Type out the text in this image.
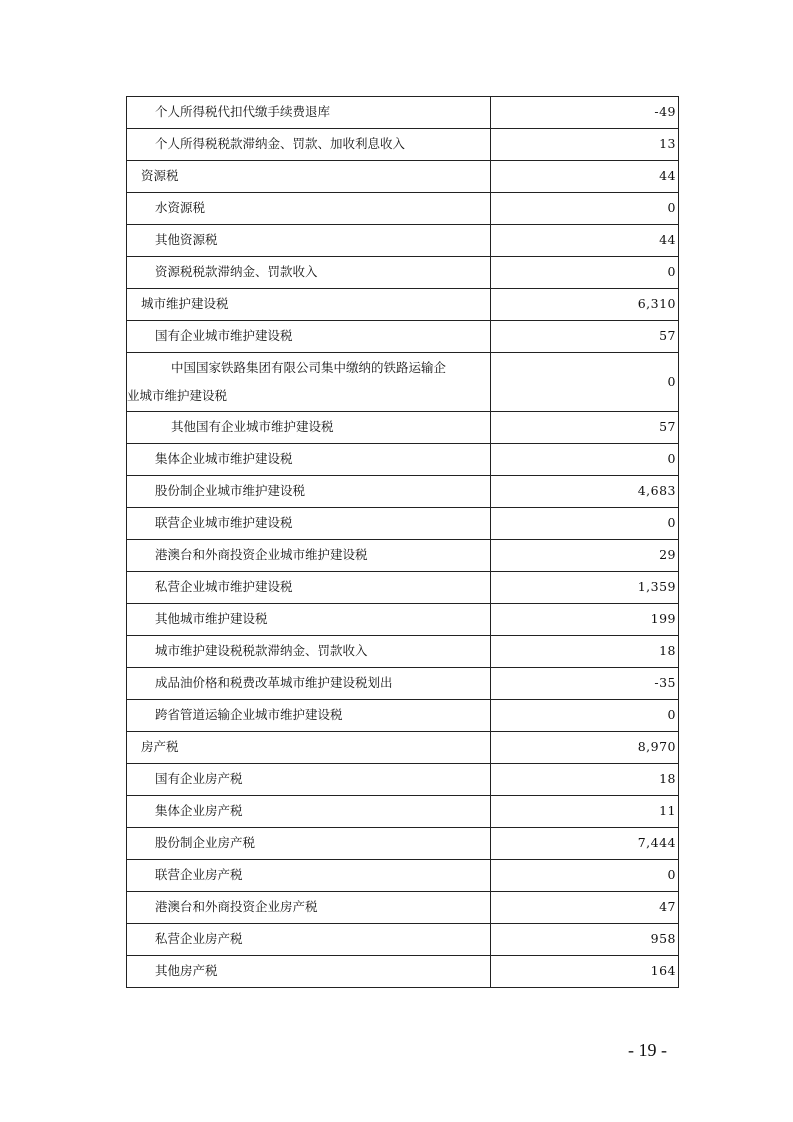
个人所得税代扣代缴手续费退库	-49
个人所得税税款滞纳金、罚款、加收利息收入	13
资源税	44
水资源税	0
其他资源税	44
资源税税款滞纳金、罚款收入	0
城市维护建设税	6,310
国有企业城市维护建设税	57

中国国家铁路集团有限公司集中缴纳的铁路运输企
业城市维护建设税	0
其他国有企业城市维护建设税	57
集体企业城市维护建设税	0
股份制企业城市维护建设税	4,683
联营企业城市维护建设税	0
港澳台和外商投资企业城市维护建设税	29
私营企业城市维护建设税	1,359
其他城市维护建设税	199
城市维护建设税税款滞纳金、罚款收入	18
成品油价格和税费改革城市维护建设税划出	-35
跨省管道运输企业城市维护建设税	0
房产税	8,970
国有企业房产税	18
集体企业房产税	11
股份制企业房产税	7,444
联营企业房产税	0
港澳台和外商投资企业房产税	47
私营企业房产税	958
其他房产税	164
- 19 -
